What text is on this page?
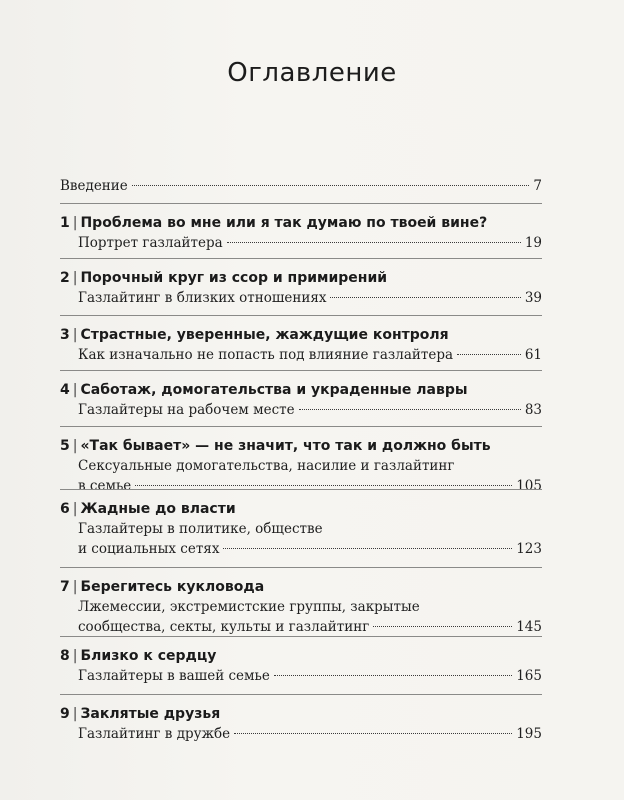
Оглавление
Введение	7
1 | Проблема во мне или я так думаю по твоей вине?
Портрет газлайтера	19
2 | Порочный круг из ссор и примирений
Газлайтинг в близких отношениях	39
3 | Страстные, уверенные, жаждущие контроля
Как изначально не попасть под влияние газлайтера	61
4 | Саботаж, домогательства и украденные лавры
Газлайтеры на рабочем месте	83
5 | «Так бывает» — не значит, что так и должно быть
Сексуальные домогательства, насилие и газлайтинг
в семье	105
6 | Жадные до власти
Газлайтеры в политике, обществе
и социальных сетях	123
7 | Берегитесь кукловода
Лжемессии, экстремистские группы, закрытые
сообщества, секты, культы и газлайтинг	145
8 | Близко к сердцу
Газлайтеры в вашей семье	165
9 | Заклятые друзья
Газлайтинг в дружбе	195
